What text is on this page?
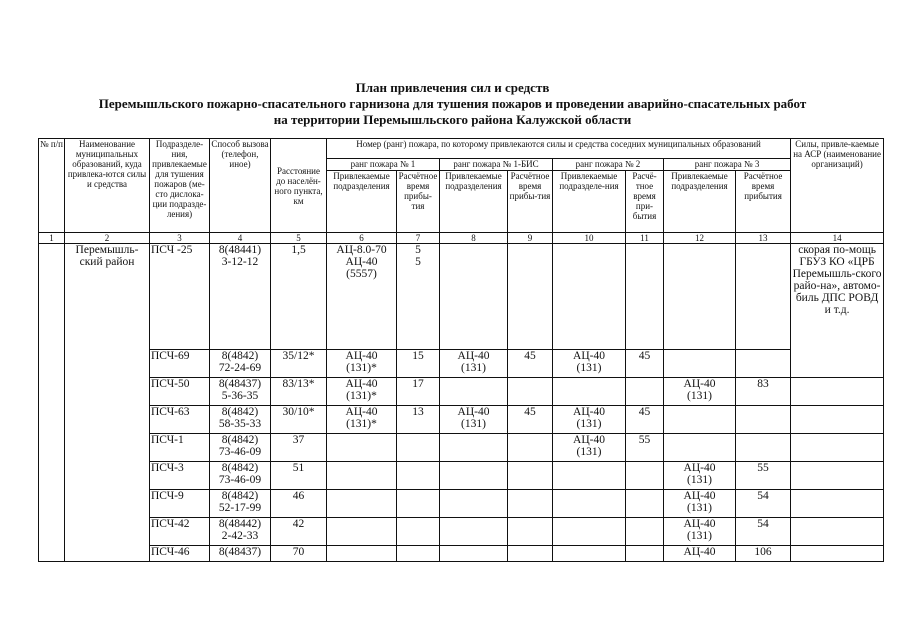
План привлечения сил и средств
Перемышльского пожарно-спасательного гарнизона для тушения пожаров и проведении аварийно-спасательных работ
на территории Перемышльского района Калужской области
№ п/п	Наименование муниципальных образований, куда привлека-ются силы и средства	Подразделе-ния, привлекаемые для тушения пожаров (ме-сто дислока-ции подразде-ления)	Способ вызова (телефон, иное)	Расстояние до населён-ного пункта, км	Номер (ранг) пожара, по которому привлекаются силы и средства соседних муниципальных образований								Силы, привле-каемые на АСР (наименование организаций)
					ранг пожара № 1		ранг пожара № 1-БИС		ранг пожара № 2		ранг пожара № 3		
					Привлекаемые подразделения	Расчётное время прибы-тия	Привлекаемые подразделения	Расчётное время прибы-тия	Привлекаемые подразделе-ния	Расчё-тное время при-бытия	Привлекаемые подразделения	Расчётное время прибытия	
1	2	3	4	5	6	7	8	9	10	11	12	13	14
	Перемышль-ский район	ПСЧ -25	8(48441)
3-12-12	1,5	АЦ-8.0-70
АЦ-40
(5557)	5
5							скорая по-мощь ГБУЗ КО «ЦРБ Перемышль-ского райо-на», автомо-биль ДПС РОВД и т.д.
		ПСЧ-69	8(4842)
72-24-69	35/12*	АЦ-40
(131)*	15	АЦ-40
(131)	45	АЦ-40
(131)	45			
		ПСЧ-50	8(48437)
5-36-35	83/13*	АЦ-40
(131)*	17					АЦ-40
(131)	83	
		ПСЧ-63	8(4842)
58-35-33	30/10*	АЦ-40
(131)*	13	АЦ-40
(131)	45	АЦ-40
(131)	45			
		ПСЧ-1	8(4842)
73-46-09	37					АЦ-40
(131)	55			
		ПСЧ-3	8(4842)
73-46-09	51							АЦ-40
(131)	55	
		ПСЧ-9	8(4842)
52-17-99	46							АЦ-40
(131)	54	
		ПСЧ-42	8(48442)
2-42-33	42							АЦ-40
(131)	54	
		ПСЧ-46	8(48437)	70							АЦ-40	106	
